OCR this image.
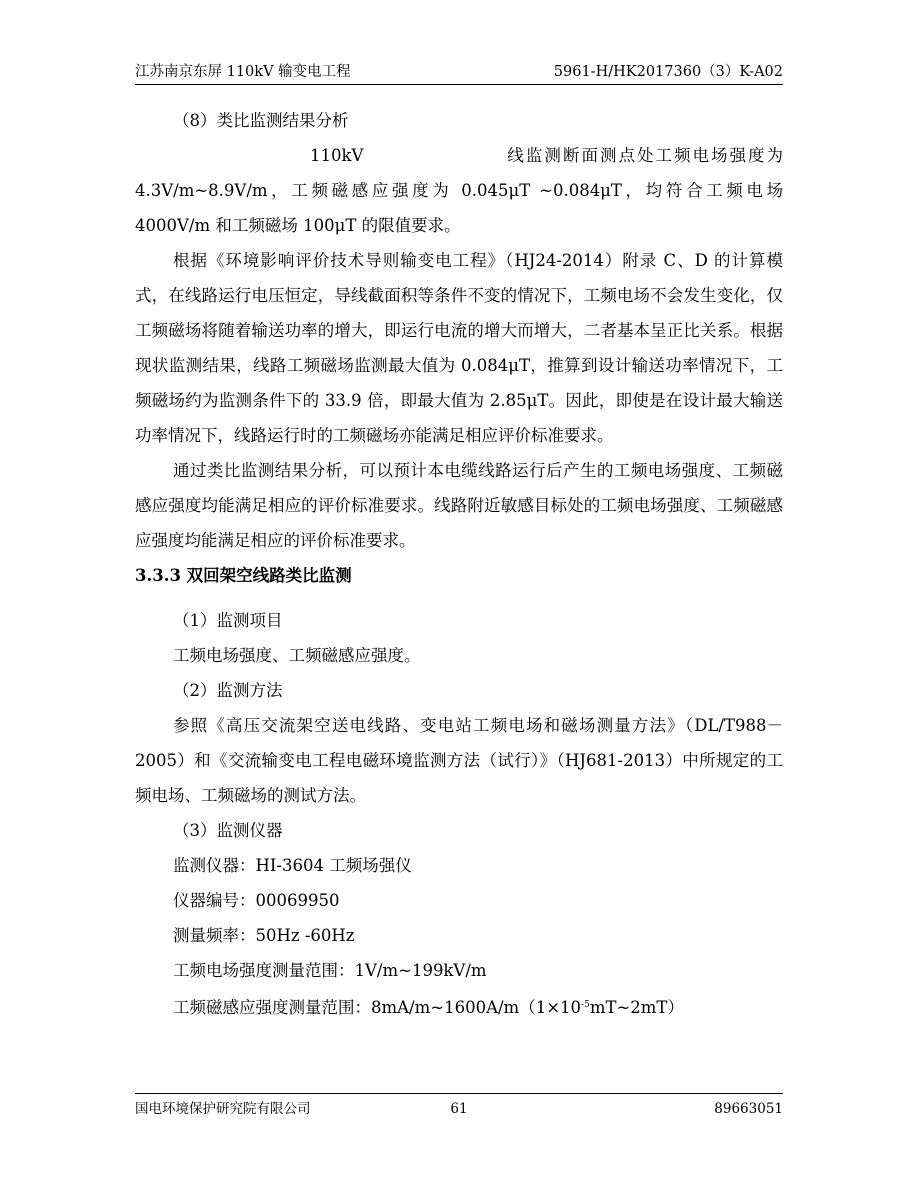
江苏南京东屏 110kV 输变电工程	5961-H/HK2017360（3）K-A02

（8）类比监测结果分析

110kV	线监测断面测点处工频电场强度为 4.3V/m~8.9V/m，工频磁感应强度为 0.045μT ~0.084μT，均符合工频电场 4000V/m 和工频磁场 100μT 的限值要求。

根据《环境影响评价技术导则输变电工程》（HJ24-2014）附录 C、D 的计算模式，在线路运行电压恒定，导线截面积等条件不变的情况下，工频电场不会发生变化，仅工频磁场将随着输送功率的增大，即运行电流的增大而增大，二者基本呈正比关系。根据现状监测结果，线路工频磁场监测最大值为 0.084μT，推算到设计输送功率情况下，工频磁场约为监测条件下的 33.9 倍，即最大值为 2.85μT。因此，即使是在设计最大输送功率情况下，线路运行时的工频磁场亦能满足相应评价标准要求。

通过类比监测结果分析，可以预计本电缆线路运行后产生的工频电场强度、工频磁感应强度均能满足相应的评价标准要求。线路附近敏感目标处的工频电场强度、工频磁感应强度均能满足相应的评价标准要求。

3.3.3 双回架空线路类比监测

（1）监测项目

工频电场强度、工频磁感应强度。

（2）监测方法

参照《高压交流架空送电线路、变电站工频电场和磁场测量方法》（DL/T988－2005）和《交流输变电工程电磁环境监测方法（试行）》（HJ681-2013）中所规定的工频电场、工频磁场的测试方法。

（3）监测仪器

监测仪器：HI-3604 工频场强仪

仪器编号：00069950

测量频率：50Hz -60Hz

工频电场强度测量范围：1V/m~199kV/m

工频磁感应强度测量范围：$8mA/m\sim 1600A/m(1\times 10^{-5}mT\sim 2mT)$

国电环境保护研究院有限公司	61	89663051
